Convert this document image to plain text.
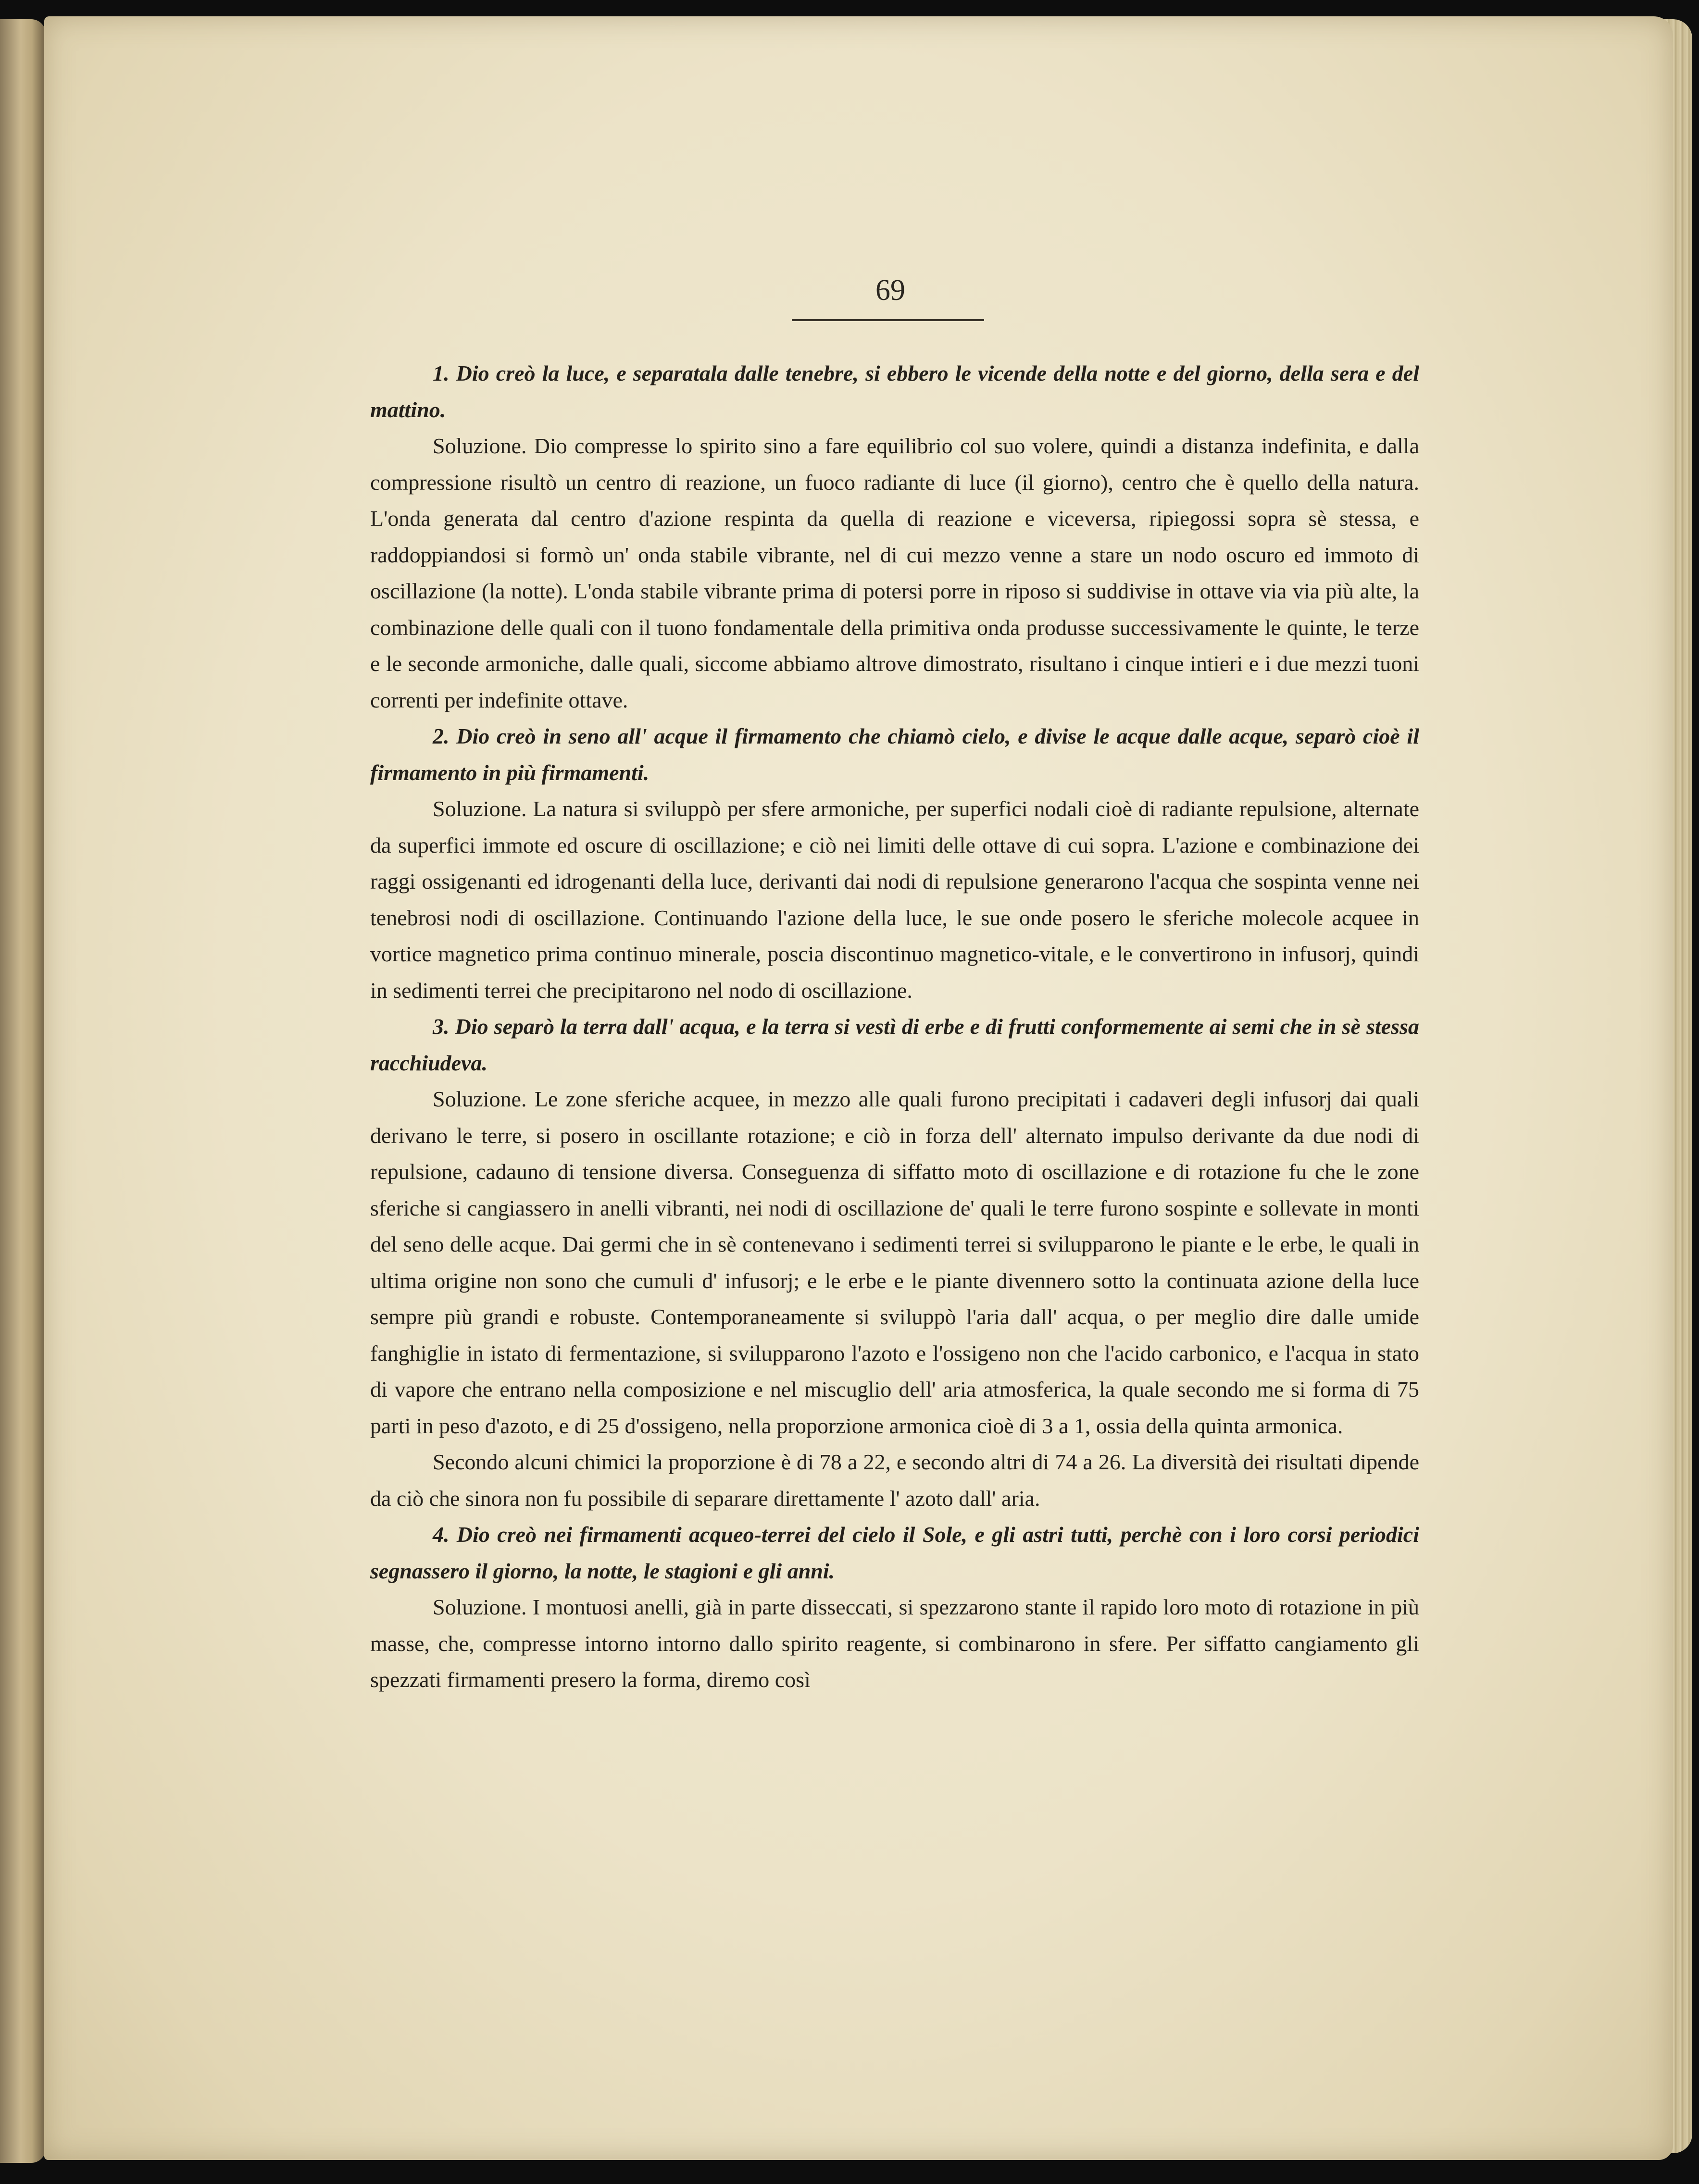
69

1. Dio creò la luce, e separatala dalle tenebre, si ebbero le vicende della notte e del giorno, della sera e del mattino.

Soluzione. Dio compresse lo spirito sino a fare equilibrio col suo volere, quindi a distanza indefinita, e dalla compressione risultò un centro di reazione, un fuoco radiante di luce (il giorno), centro che è quello della natura. L'onda generata dal centro d'azione respinta da quella di reazione e viceversa, ripiegossi sopra sè stessa, e raddoppiandosi si formò un' onda stabile vibrante, nel di cui mezzo venne a stare un nodo oscuro ed immoto di oscillazione (la notte). L'onda stabile vibrante prima di potersi porre in riposo si suddivise in ottave via via più alte, la combinazione delle quali con il tuono fondamentale della primitiva onda produsse successivamente le quinte, le terze e le seconde armoniche, dalle quali, siccome abbiamo altrove dimostrato, risultano i cinque intieri e i due mezzi tuoni correnti per indefinite ottave.

2. Dio creò in seno all' acque il firmamento che chiamò cielo, e divise le acque dalle acque, separò cioè il firmamento in più firmamenti.

Soluzione. La natura si sviluppò per sfere armoniche, per superfici nodali cioè di radiante repulsione, alternate da superfici immote ed oscure di oscillazione; e ciò nei limiti delle ottave di cui sopra. L'azione e combinazione dei raggi ossigenanti ed idrogenanti della luce, derivanti dai nodi di repulsione generarono l'acqua che sospinta venne nei tenebrosi nodi di oscillazione. Continuando l'azione della luce, le sue onde posero le sferiche molecole acquee in vortice magnetico prima continuo minerale, poscia discontinuo magnetico-vitale, e le convertirono in infusorj, quindi in sedimenti terrei che precipitarono nel nodo di oscillazione.

3. Dio separò la terra dall' acqua, e la terra si vestì di erbe e di frutti conformemente ai semi che in sè stessa racchiudeva.

Soluzione. Le zone sferiche acquee, in mezzo alle quali furono precipitati i cadaveri degli infusorj dai quali derivano le terre, si posero in oscillante rotazione; e ciò in forza dell' alternato impulso derivante da due nodi di repulsione, cadauno di tensione diversa. Conseguenza di siffatto moto di oscillazione e di rotazione fu che le zone sferiche si cangiassero in anelli vibranti, nei nodi di oscillazione de' quali le terre furono sospinte e sollevate in monti del seno delle acque. Dai germi che in sè contenevano i sedimenti terrei si svilupparono le piante e le erbe, le quali in ultima origine non sono che cumuli d' infusorj; e le erbe e le piante divennero sotto la continuata azione della luce sempre più grandi e robuste. Contemporaneamente si sviluppò l'aria dall' acqua, o per meglio dire dalle umide fanghiglie in istato di fermentazione, si svilupparono l'azoto e l'ossigeno non che l'acido carbonico, e l'acqua in stato di vapore che entrano nella composizione e nel miscuglio dell' aria atmosferica, la quale secondo me si forma di 75 parti in peso d'azoto, e di 25 d'ossigeno, nella proporzione armonica cioè di 3 a 1, ossia della quinta armonica.

Secondo alcuni chimici la proporzione è di 78 a 22, e secondo altri di 74 a 26. La diversità dei risultati dipende da ciò che sinora non fu possibile di separare direttamente l' azoto dall' aria.

4. Dio creò nei firmamenti acqueo-terrei del cielo il Sole, e gli astri tutti, perchè con i loro corsi periodici segnassero il giorno, la notte, le stagioni e gli anni.

Soluzione. I montuosi anelli, già in parte disseccati, si spezzarono stante il rapido loro moto di rotazione in più masse, che, compresse intorno intorno dallo spirito reagente, si combinarono in sfere. Per siffatto cangiamento gli spezzati firmamenti presero la forma, diremo così
